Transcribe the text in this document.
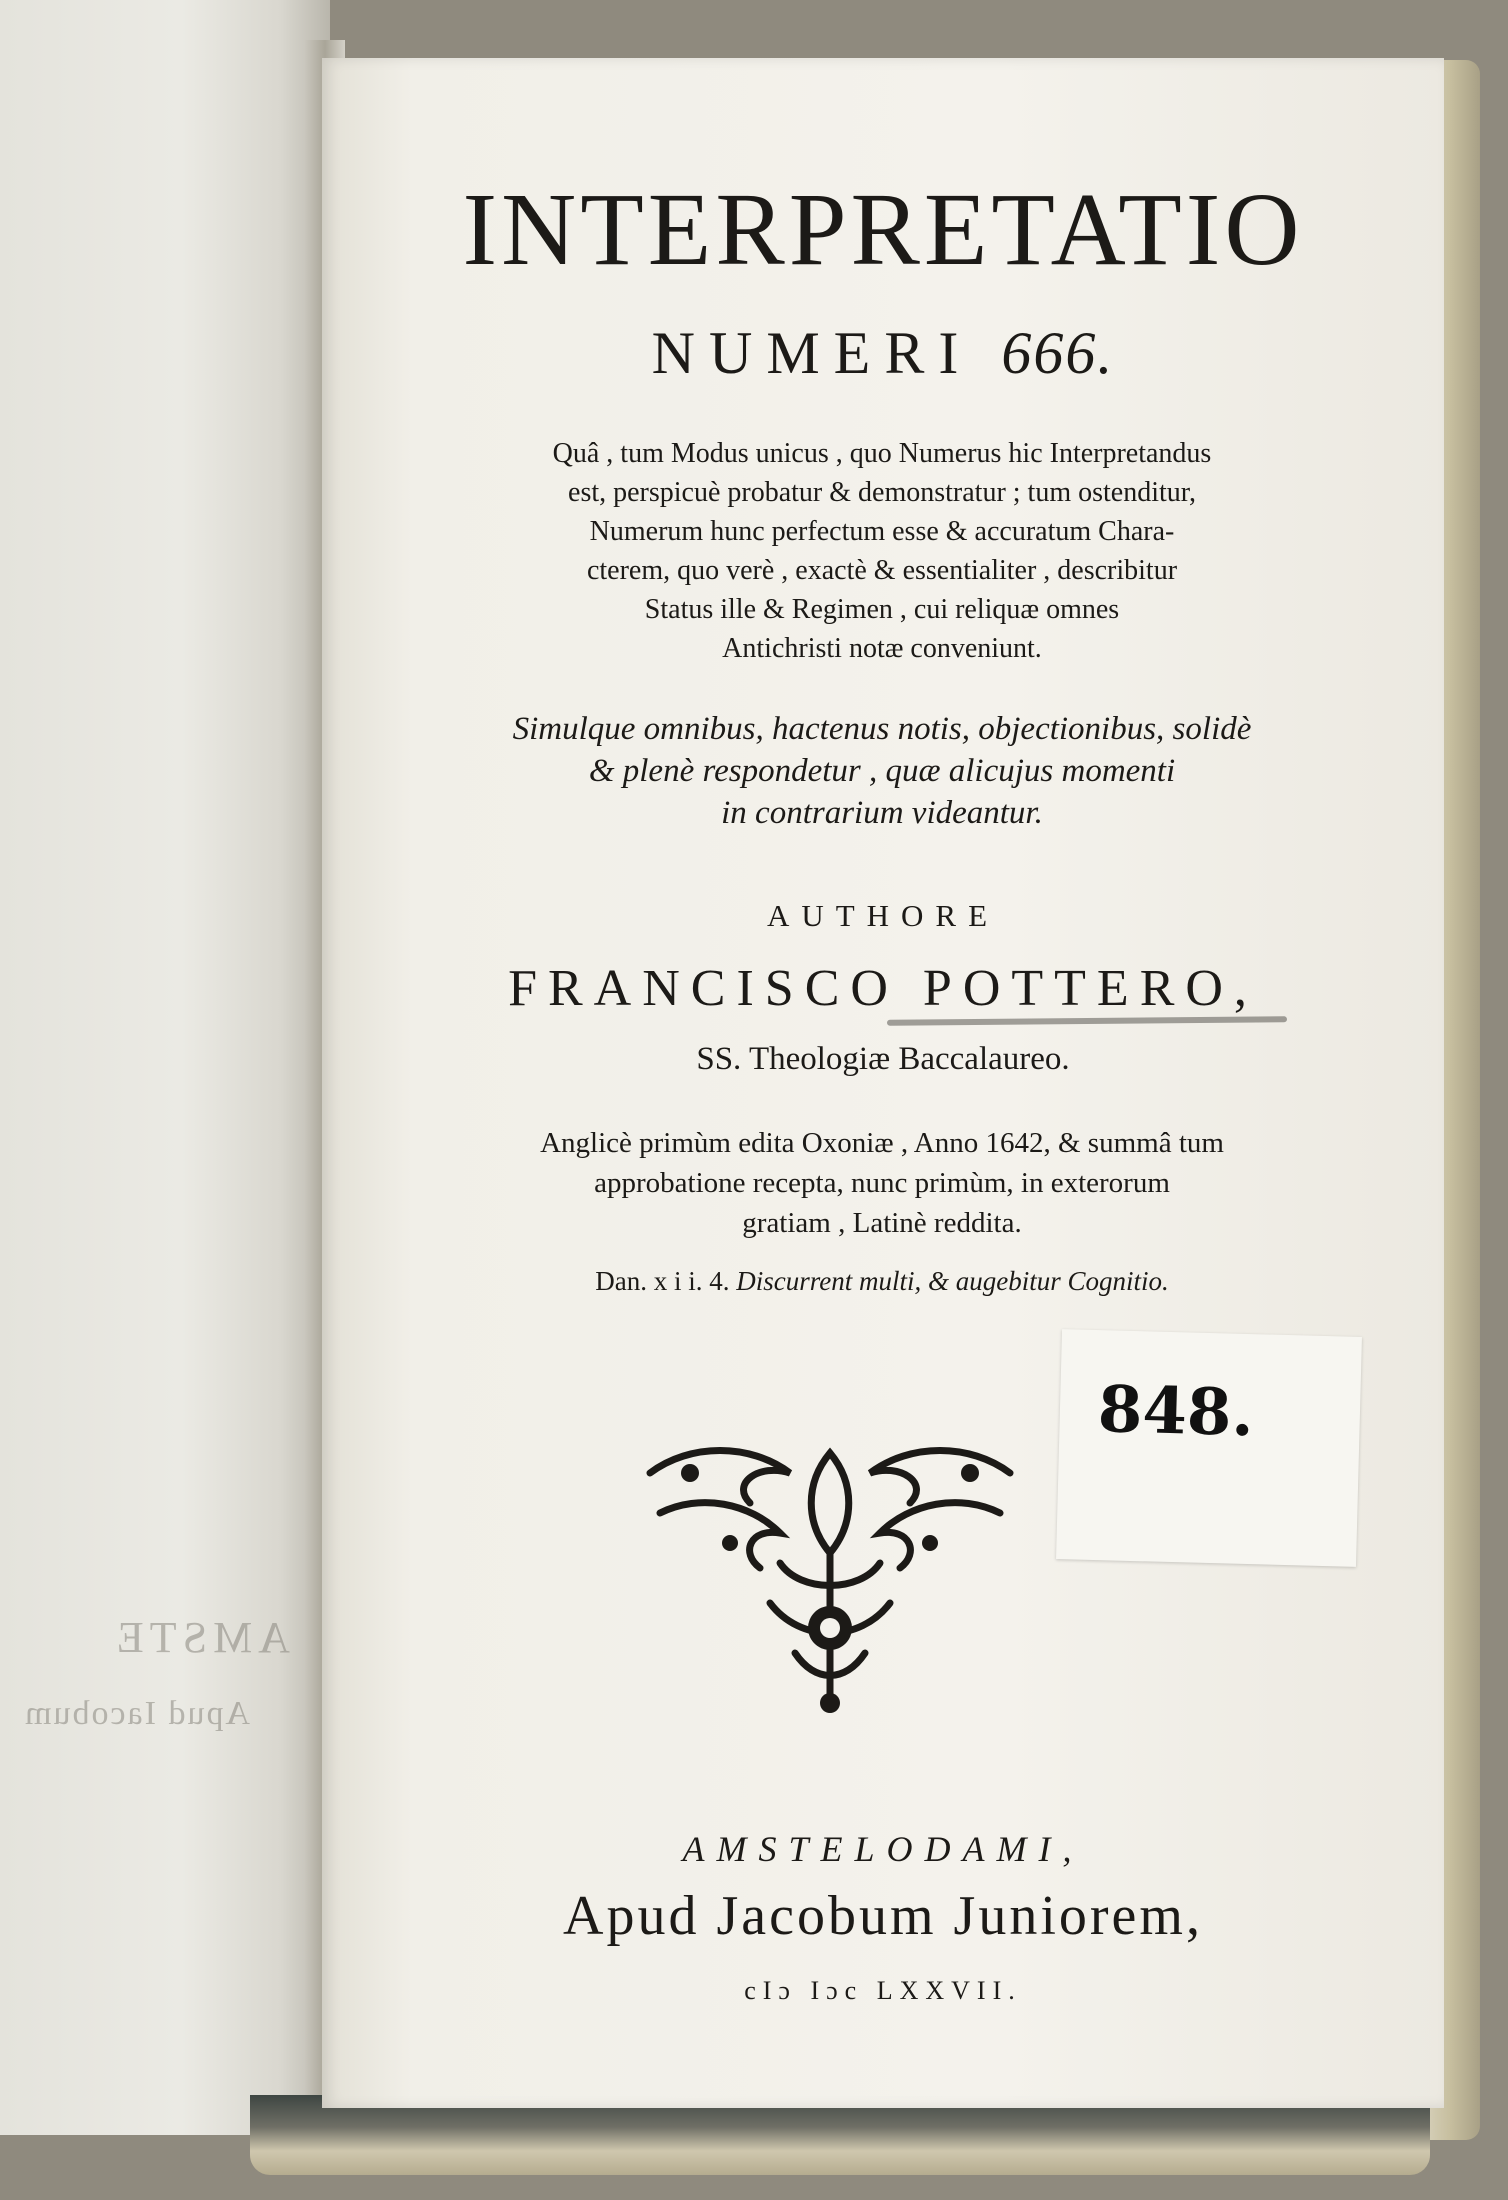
AMSTE
Apud Iacobum
INTERPRETATIO
NUMERI 666.
Quâ , tum Modus unicus , quo Numerus hic Interpretandus
est, perspicuè probatur & demonstratur ; tum ostenditur,
Numerum hunc perfectum esse & accuratum Chara-
cterem, quo verè , exactè & essentialiter , describitur
Status ille & Regimen , cui reliquæ omnes
Antichristi notæ conveniunt.
Simulque omnibus, hactenus notis, objectionibus, solidè
& plenè respondetur , quæ alicujus momenti
in contrarium videantur.
AUTHORE
FRANCISCO POTTERO,
SS. Theologiæ Baccalaureo.
Anglicè primùm edita Oxoniæ , Anno 1642, & summâ tum
approbatione recepta, nunc primùm, in exterorum
gratiam , Latinè reddita.
Dan. x i i. 4. Discurrent multi, & augebitur Cognitio.
848.
AMSTELODAMI,
Apud Jacobum Juniorem,
cIɔ Iɔc LXXVII.
